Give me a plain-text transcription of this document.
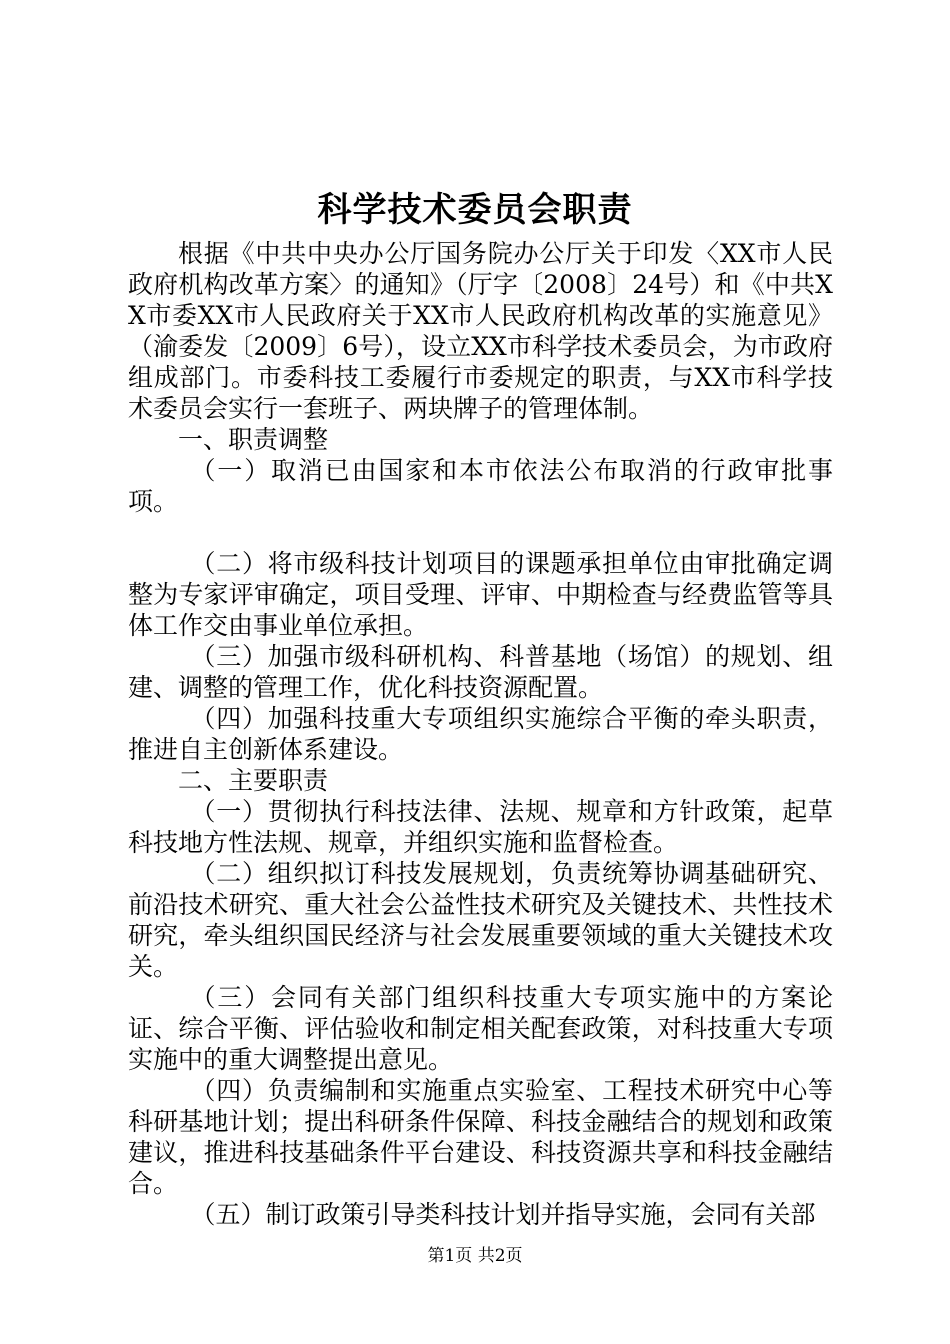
科学技术委员会职责

根据《中共中央办公厅国务院办公厅关于印发〈XX市人民政府机构改革方案〉的通知》（厅字〔2008〕24号）和《中共XX市委XX市人民政府关于XX市人民政府机构改革的实施意见》（渝委发〔2009〕6号），设立XX市科学技术委员会，为市政府组成部门。市委科技工委履行市委规定的职责，与XX市科学技术委员会实行一套班子、两块牌子的管理体制。

一、职责调整

（一）取消已由国家和本市依法公布取消的行政审批事项。

（二）将市级科技计划项目的课题承担单位由审批确定调整为专家评审确定，项目受理、评审、中期检查与经费监管等具体工作交由事业单位承担。

（三）加强市级科研机构、科普基地（场馆）的规划、组建、调整的管理工作，优化科技资源配置。

（四）加强科技重大专项组织实施综合平衡的牵头职责，推进自主创新体系建设。

二、主要职责

（一）贯彻执行科技法律、法规、规章和方针政策，起草科技地方性法规、规章，并组织实施和监督检查。

（二）组织拟订科技发展规划，负责统筹协调基础研究、前沿技术研究、重大社会公益性技术研究及关键技术、共性技术研究，牵头组织国民经济与社会发展重要领域的重大关键技术攻关。

（三）会同有关部门组织科技重大专项实施中的方案论证、综合平衡、评估验收和制定相关配套政策，对科技重大专项实施中的重大调整提出意见。

（四）负责编制和实施重点实验室、工程技术研究中心等科研基地计划；提出科研条件保障、科技金融结合的规划和政策建议，推进科技基础条件平台建设、科技资源共享和科技金融结合。

（五）制订政策引导类科技计划并指导实施，会同有关部

第1页 共2页
